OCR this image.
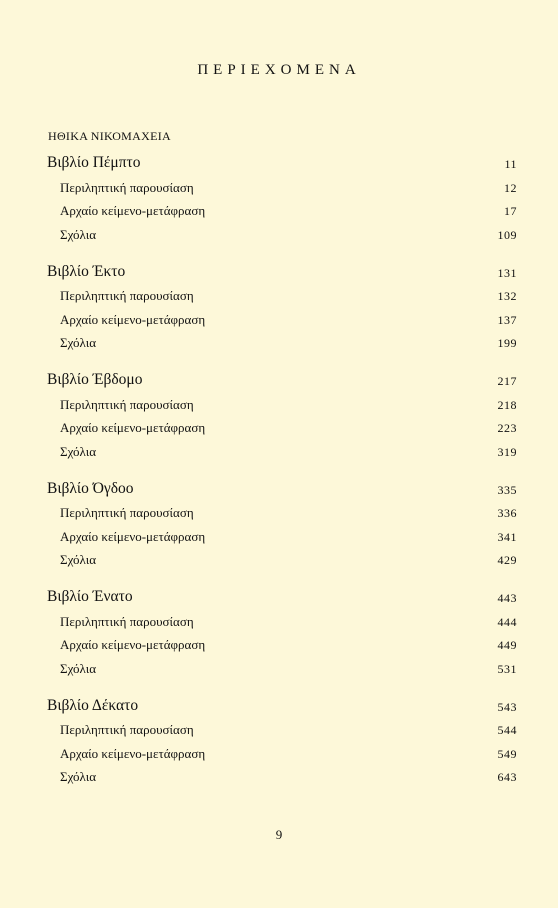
ΠΕΡΙΕΧΟΜΕΝΑ
ΗΘΙΚΑ ΝΙΚΟΜΑΧΕΙΑ
Βιβλίο Πέμπτο	11
Περιληπτική παρουσίαση	12
Αρχαίο κείμενο-μετάφραση	17
Σχόλια	109
Βιβλίο Έκτο	131
Περιληπτική παρουσίαση	132
Αρχαίο κείμενο-μετάφραση	137
Σχόλια	199
Βιβλίο Έβδομο	217
Περιληπτική παρουσίαση	218
Αρχαίο κείμενο-μετάφραση	223
Σχόλια	319
Βιβλίο Όγδοο	335
Περιληπτική παρουσίαση	336
Αρχαίο κείμενο-μετάφραση	341
Σχόλια	429
Βιβλίο Ένατο	443
Περιληπτική παρουσίαση	444
Αρχαίο κείμενο-μετάφραση	449
Σχόλια	531
Βιβλίο Δέκατο	543
Περιληπτική παρουσίαση	544
Αρχαίο κείμενο-μετάφραση	549
Σχόλια	643
9
